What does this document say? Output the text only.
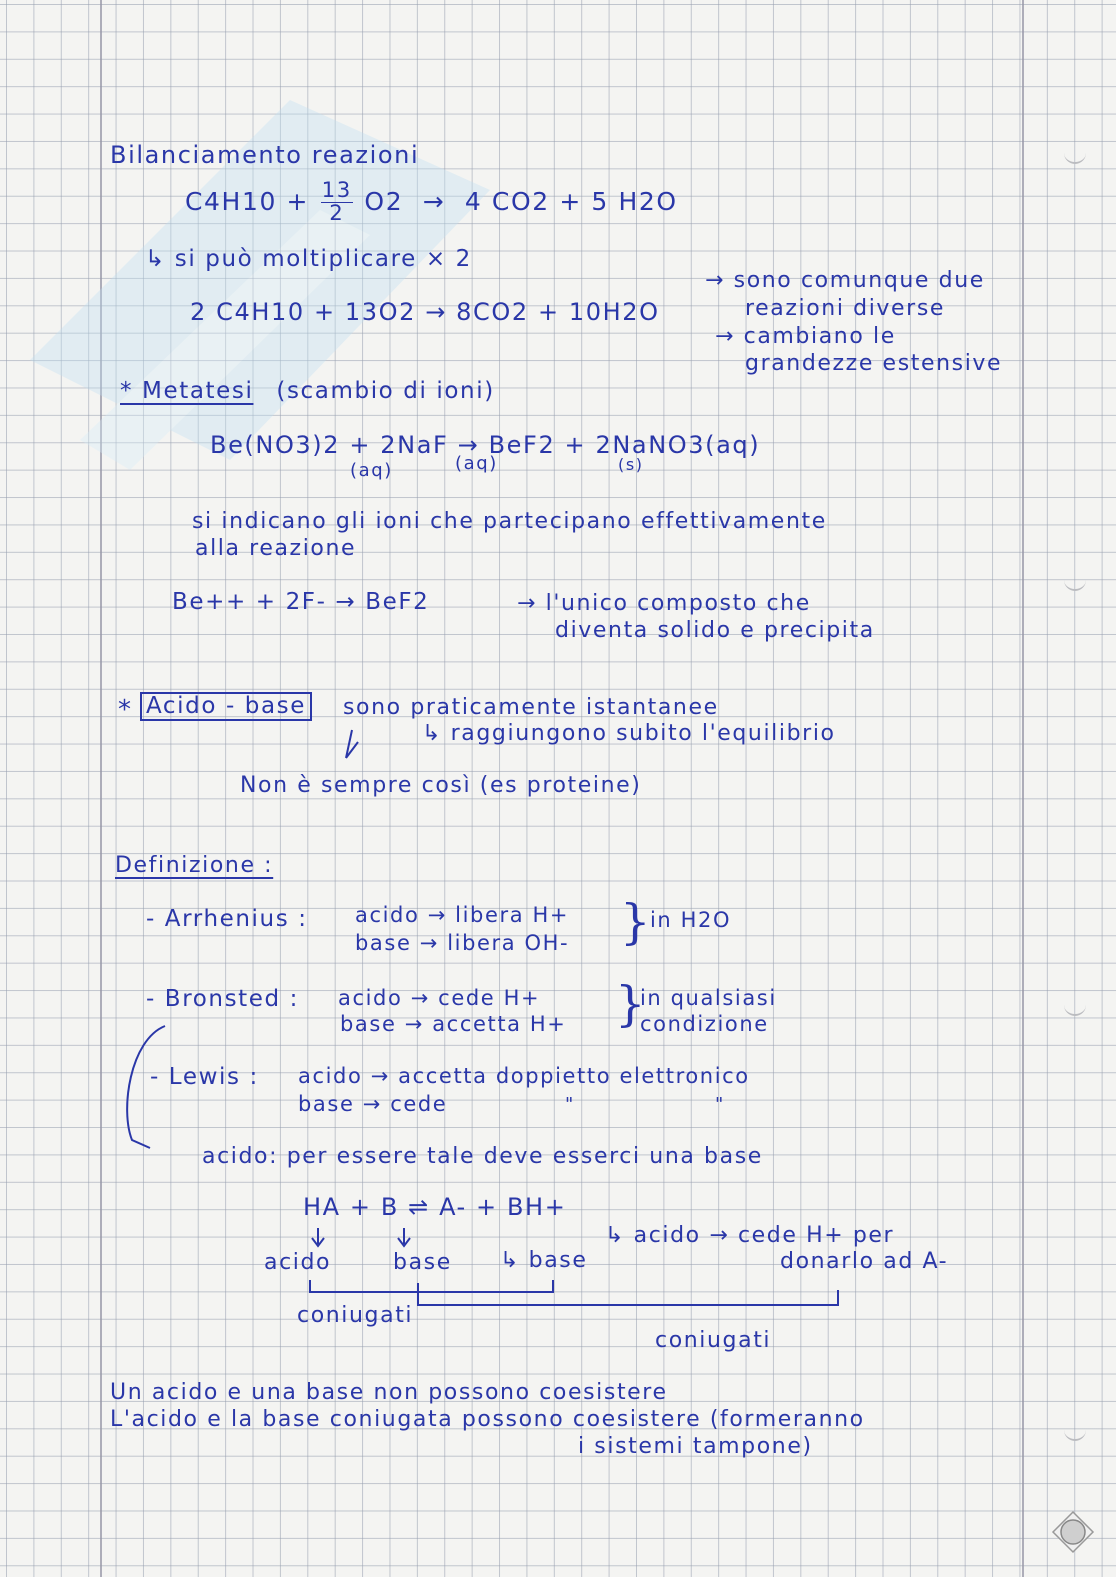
Bilanciamento reazioni
$C4H10 + \frac{13}{2} O2 \to 4$ CO2 + 5 H2O
↳ si può moltiplicare × 2
2 C4H10 + 13O2 → 8CO2 + 10H2O
→ sono comunque due
reazioni diverse
→ cambiano le
grandezze estensive
* Metatesi (scambio di ioni)
Be(NO3)2 + 2NaF → BeF2 + 2NaNO3(aq)
(aq)	(aq)	(s)
si indicano gli ioni che partecipano effettivamente
alla reazione
Be++ + 2F- → BeF2	→ l'unico composto che
diventa solido e precipita
* Acido - base sono praticamente istantanee
↳ raggiungono subito l'equilibrio
Non è sempre così (es proteine)
Definizione :
- Arrhenius : acido → libera H+
base → libera OH- }
in H2O
- Bronsted : acido → cede H+
base → accetta H+ }
in qualsiasi
condizione
- Lewis : acido → accetta doppietto elettronico
base → cede	"	"
acido: per essere tale deve esserci una base
HA + B ⇌ A- + BH+
acido	base ↳ base
↳ acido → cede H+ per
donarlo ad A-
coniugati
coniugati
Un acido e una base non possono coesistere
L'acido e la base coniugata possono coesistere (formeranno
i sistemi tampone)
